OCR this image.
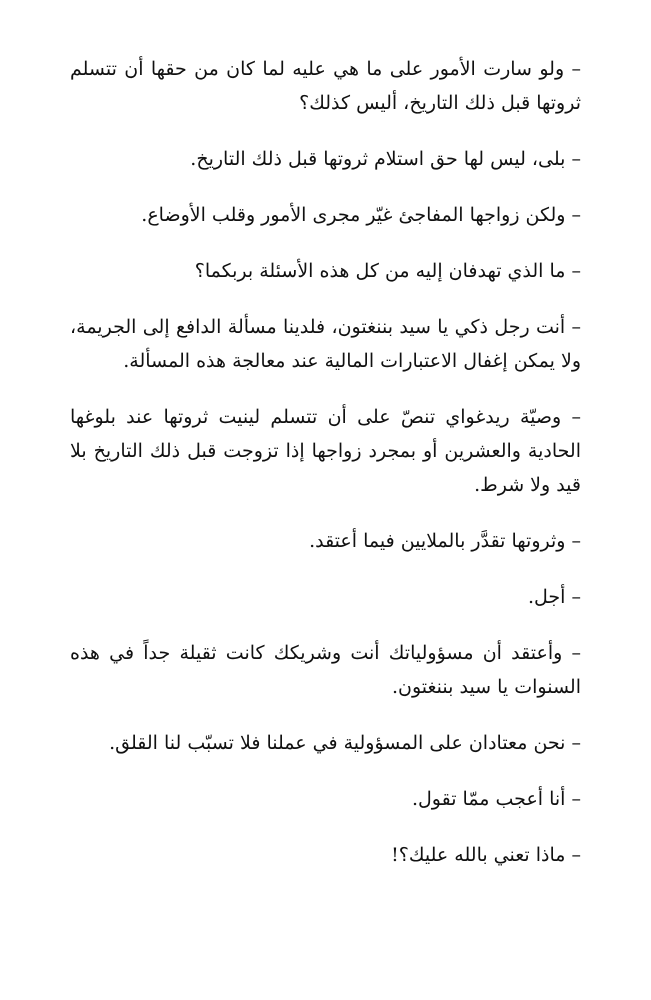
– ولو سارت الأمور على ما هي عليه لما كان من حقها أن تتسلم ثروتها قبل ذلك التاريخ، أليس كذلك؟

– بلى، ليس لها حق استلام ثروتها قبل ذلك التاريخ.

– ولكن زواجها المفاجئ غيّر مجرى الأمور وقلب الأوضاع.

– ما الذي تهدفان إليه من كل هذه الأسئلة بربكما؟

– أنت رجل ذكي يا سيد بننغتون، فلدينا مسألة الدافع إلى الجريمة، ولا يمكن إغفال الاعتبارات المالية عند معالجة هذه المسألة.

– وصيّة ريدغواي تنصّ على أن تتسلم لينيت ثروتها عند بلوغها الحادية والعشرين أو بمجرد زواجها إذا تزوجت قبل ذلك التاريخ بلا قيد ولا شرط.

– وثروتها تقدَّر بالملايين فيما أعتقد.

– أجل.

– وأعتقد أن مسؤولياتك أنت وشريكك كانت ثقيلة جداً في هذه السنوات يا سيد بننغتون.

– نحن معتادان على المسؤولية في عملنا فلا تسبّب لنا القلق.

– أنا أعجب ممّا تقول.

– ماذا تعني بالله عليك؟!
